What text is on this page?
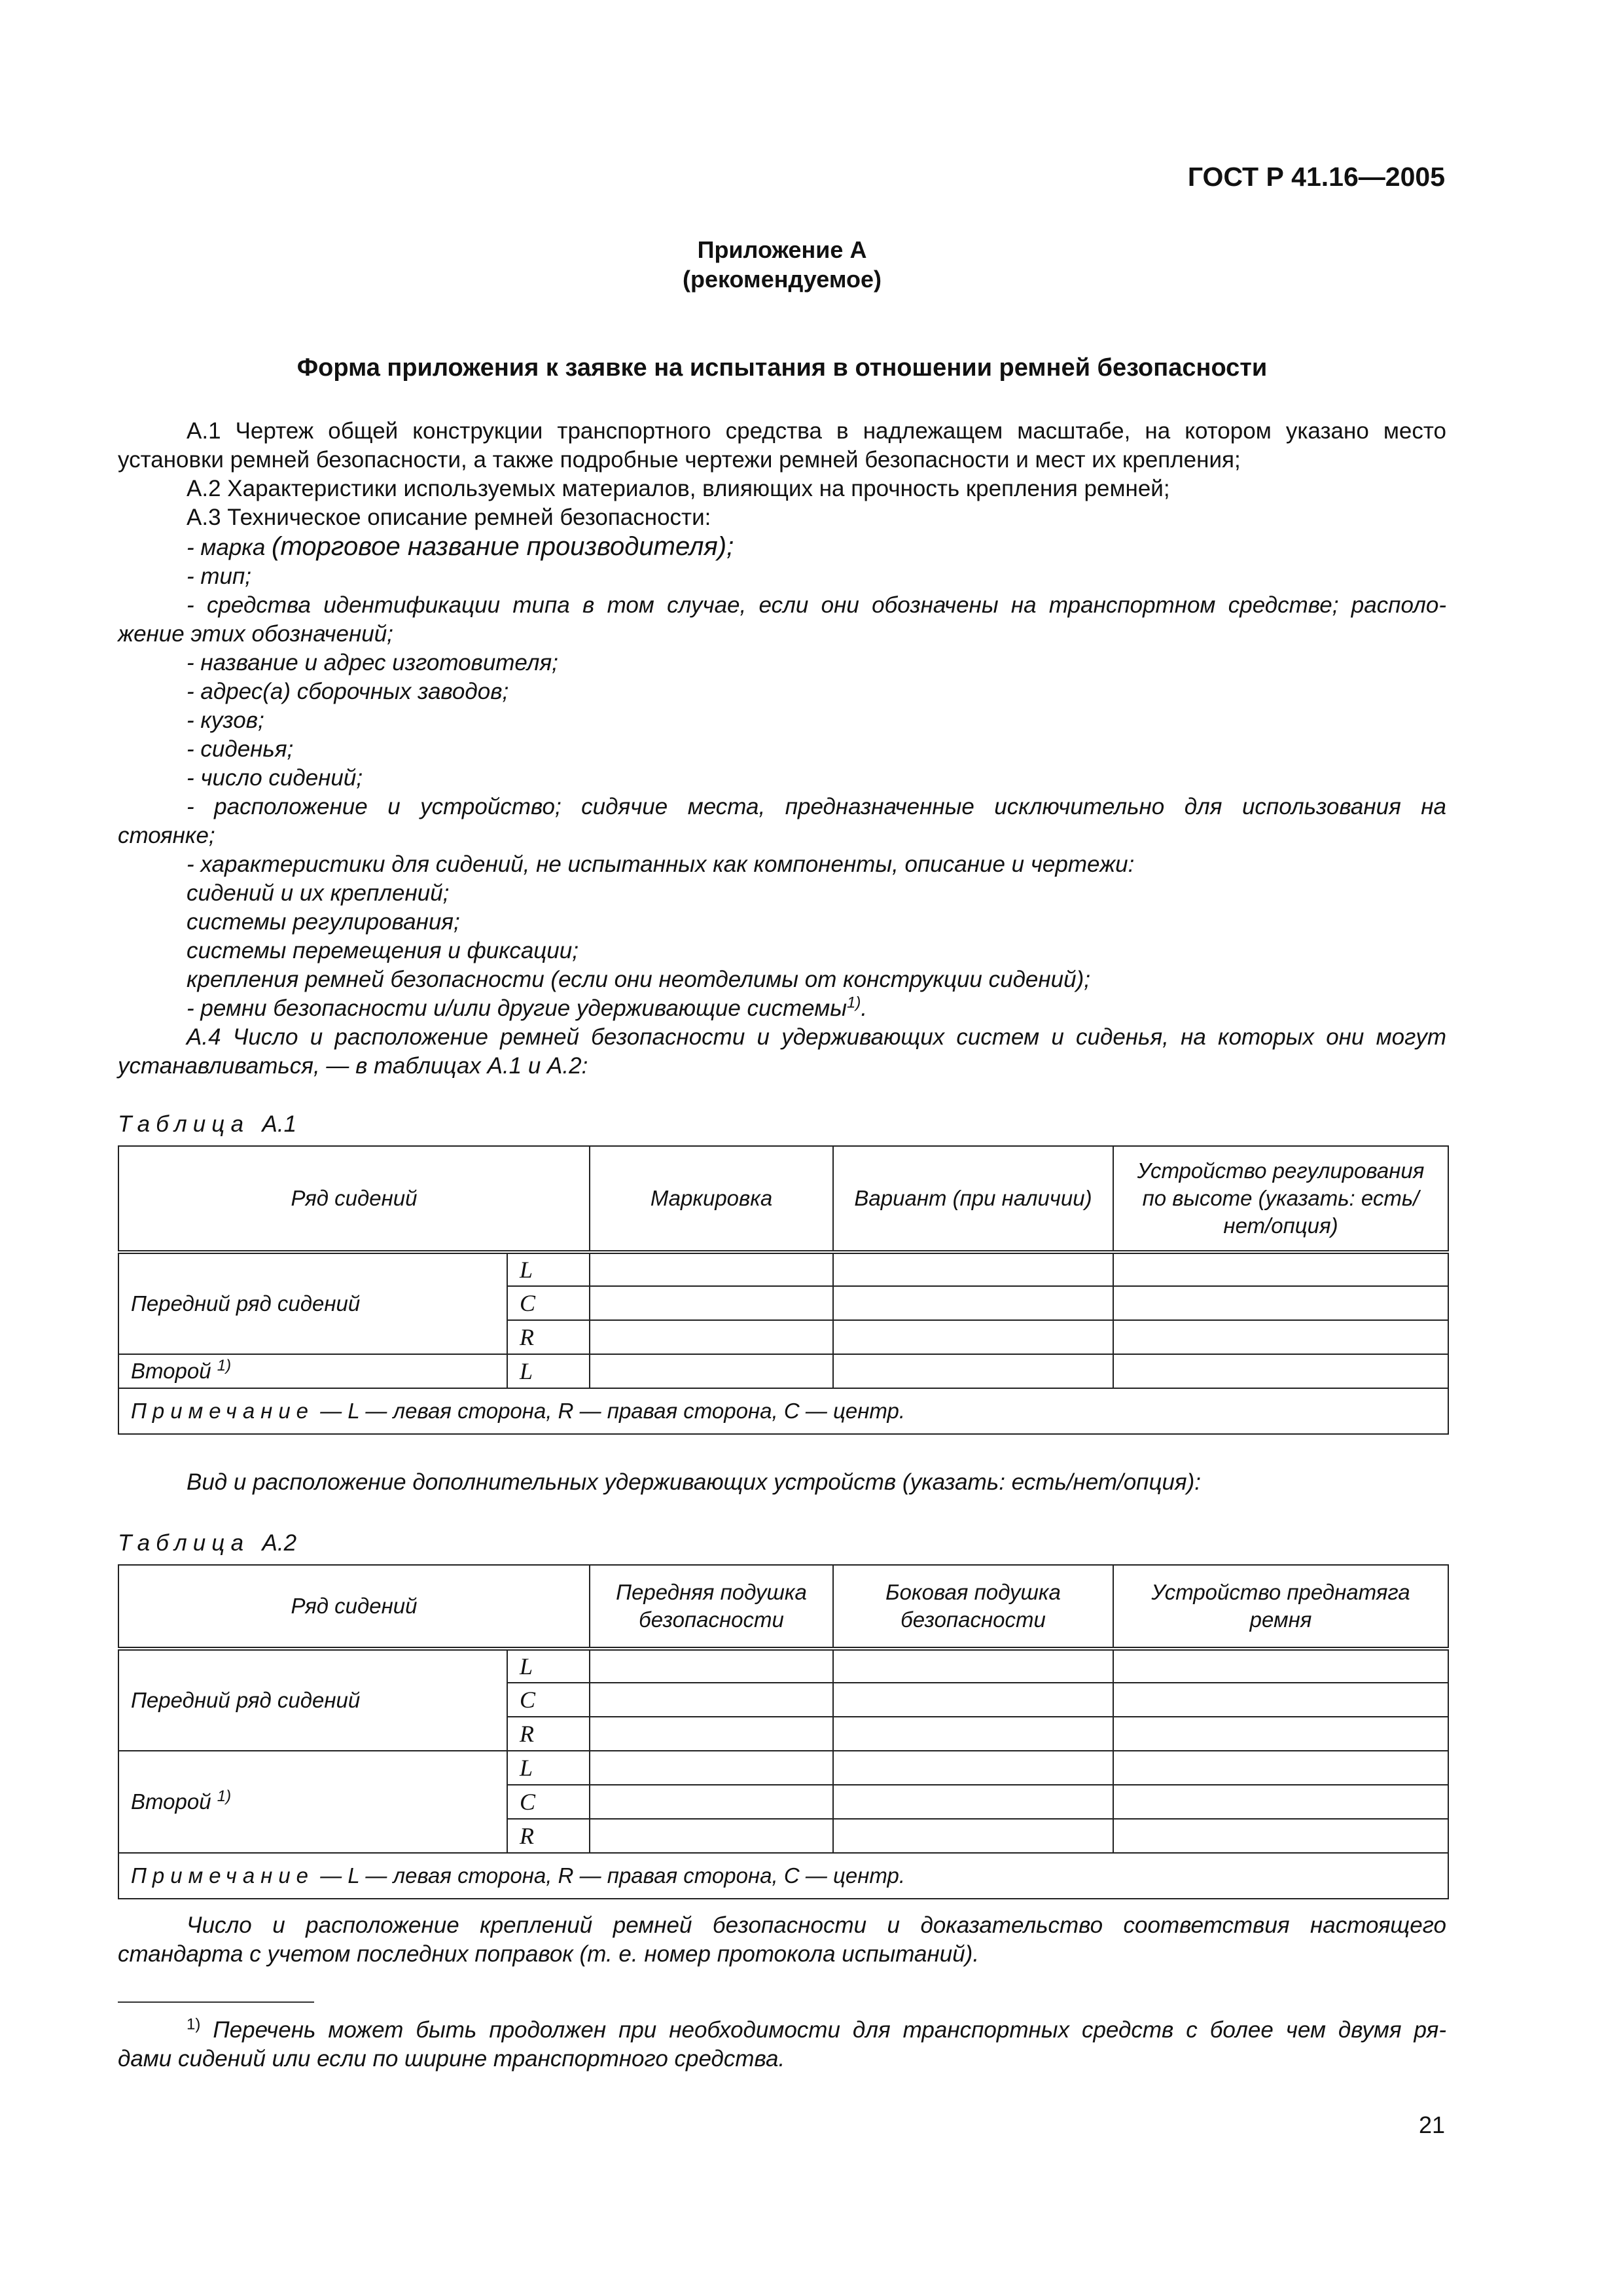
ГОСТ Р 41.16—2005
Приложение А
(рекомендуемое)
Форма приложения к заявке на испытания в отношении ремней безопасности
А.1 Чертеж общей конструкции транспортного средства в надлежащем масштабе, на котором указано место
установки ремней безопасности, а также подробные чертежи ремней безопасности и мест их крепления;
А.2 Характеристики используемых материалов, влияющих на прочность крепления ремней;
А.3 Техническое описание ремней безопасности:
- марка (торговое название производителя);
- тип;
- средства идентификации типа в том случае, если они обозначены на транспортном средстве; располо-
жение этих обозначений;
- название и адрес изготовителя;
- адрес(а) сборочных заводов;
- кузов;
- сиденья;
- число сидений;
- расположение и устройство; сидячие места, предназначенные исключительно для использования на
стоянке;
- характеристики для сидений, не испытанных как компоненты, описание и чертежи:
сидений и их креплений;
системы регулирования;
системы перемещения и фиксации;
крепления ремней безопасности (если они неотделимы от конструкции сидений);
- ремни безопасности и/или другие удерживающие системы$^{1)}$.
А.4 Число и расположение ремней безопасности и удерживающих систем и сиденья, на которых они могут
устанавливаться, — в таблицах А.1 и А.2:
Таблица А.1
Ряд сидений		Маркировка	Вариант (при наличии)	Устройство регулирования по высоте (указать: есть/нет/опция)
Передний ряд сидений	L			
	C			
	R			
Второй $^{1)}$	L			
Примечание — L — левая сторона, R — правая сторона, C — центр.				
Вид и расположение дополнительных удерживающих устройств (указать: есть/нет/опция):
Таблица А.2
Ряд сидений		Передняя подушка безопасности	Боковая подушка безопасности	Устройство преднатяга ремня
Передний ряд сидений	L			
	C			
	R			
Второй $^{1)}$	L			
	C			
	R			
Примечание — L — левая сторона, R — правая сторона, C — центр.				
Число и расположение креплений ремней безопасности и доказательство соответствия настоящего
стандарта с учетом последних поправок (т. е. номер протокола испытаний).
$^{1)}$ Перечень может быть продолжен при необходимости для транспортных средств с более чем двумя ря-
дами сидений или если по ширине транспортного средства.
21
